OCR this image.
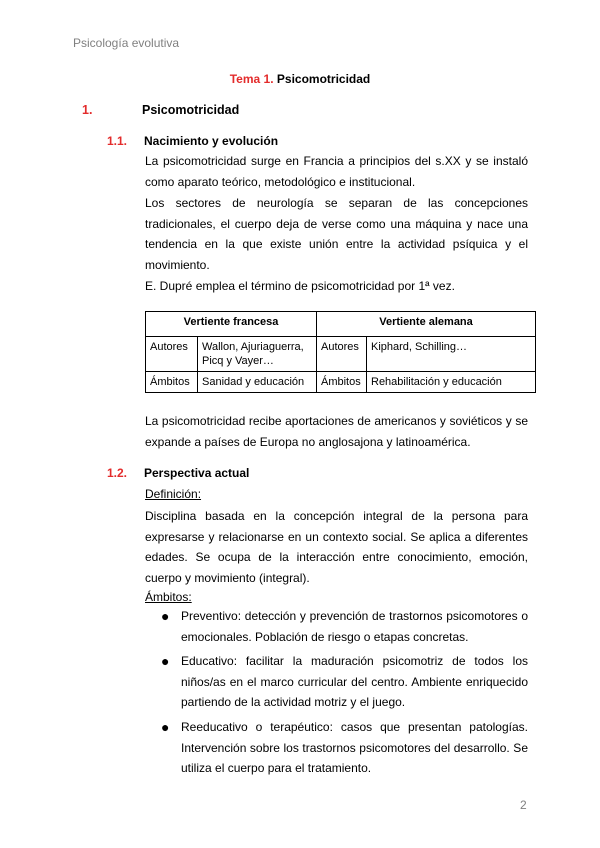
Psicología evolutiva
Tema 1. Psicomotricidad
1.	Psicomotricidad
1.1. Nacimiento y evolución
La psicomotricidad surge en Francia a principios del s.XX y se instaló como aparato teórico, metodológico e institucional.
Los sectores de neurología se separan de las concepciones tradicionales, el cuerpo deja de verse como una máquina y nace una tendencia en la que existe unión entre la actividad psíquica y el movimiento.
E. Dupré emplea el término de psicomotricidad por 1ª vez.
Vertiente francesa		Vertiente alemana	
Autores	Wallon, Ajuriaguerra, Picq y Vayer…	Autores	Kiphard, Schilling…
Ámbitos	Sanidad y educación	Ámbitos	Rehabilitación y educación
La psicomotricidad recibe aportaciones de americanos y soviéticos y se expande a países de Europa no anglosajona y latinoamérica.
1.2. Perspectiva actual
Definición:
Disciplina basada en la concepción integral de la persona para expresarse y relacionarse en un contexto social. Se aplica a diferentes edades. Se ocupa de la interacción entre conocimiento, emoción, cuerpo y movimiento (integral).
Ámbitos:
● Preventivo: detección y prevención de trastornos psicomotores o emocionales. Población de riesgo o etapas concretas.
● Educativo: facilitar la maduración psicomotriz de todos los niños/as en el marco curricular del centro. Ambiente enriquecido partiendo de la actividad motriz y el juego.
● Reeducativo o terapéutico: casos que presentan patologías. Intervención sobre los trastornos psicomotores del desarrollo. Se utiliza el cuerpo para el tratamiento.
2
